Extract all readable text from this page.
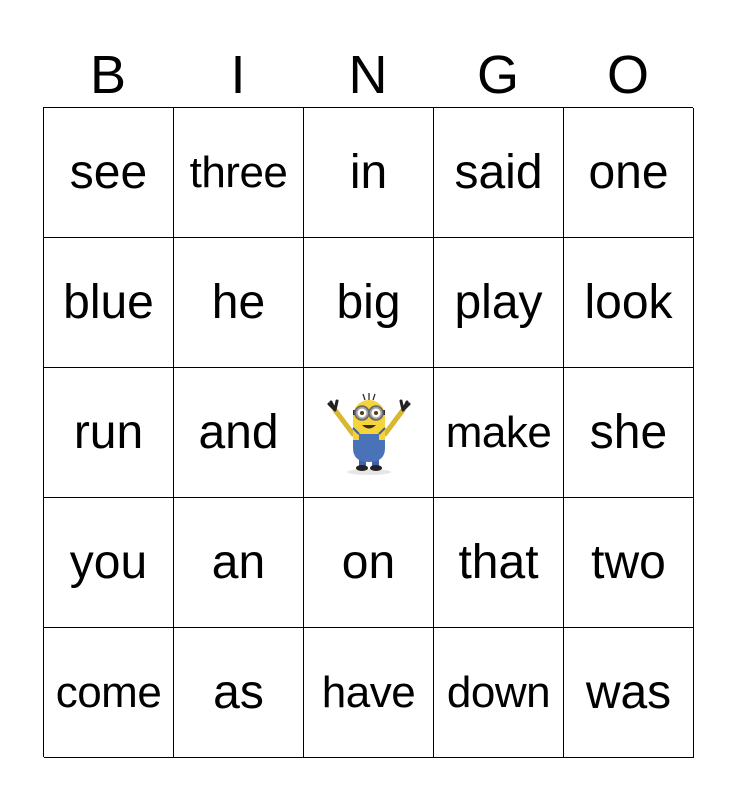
B	I	N	G	O
see three in said one
blue he big play look
run and	make she
you an on that two
come as have down was
